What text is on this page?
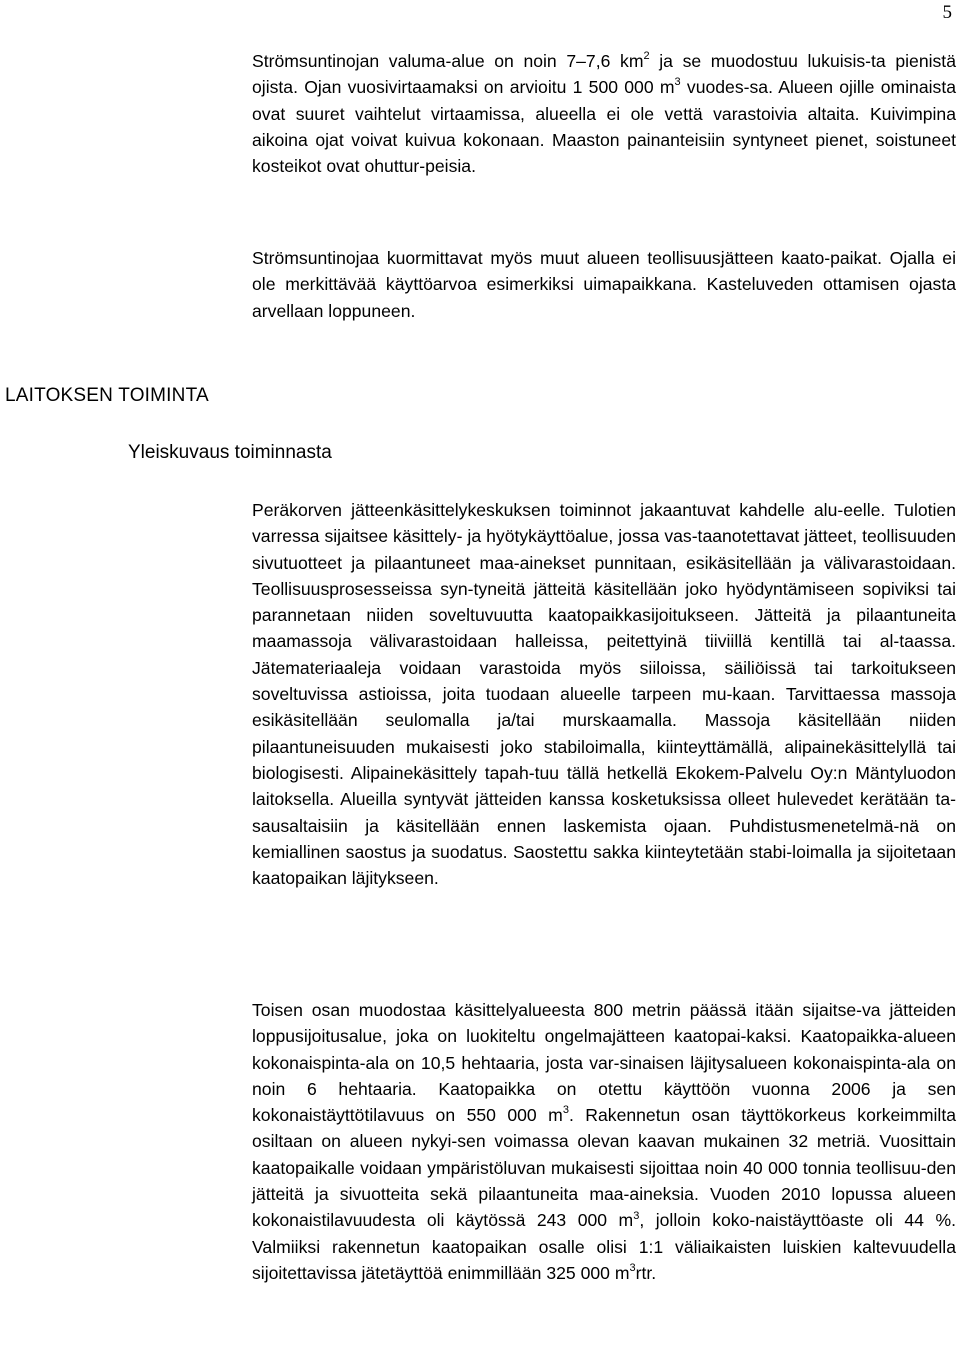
5

Strömsuntinojan valuma-alue on noin 7–7,6 $km^2$ ja se muodostuu lukuisis-ta pienistä ojista. Ojan vuosivirtaamaksi on arvioitu 1 500 000 $m^3$ vuodes-sa. Alueen ojille ominaista ovat suuret vaihtelut virtaamissa, alueella ei ole vettä varastoivia altaita. Kuivimpina aikoina ojat voivat kuivua kokonaan. Maaston painanteisiin syntyneet pienet, soistuneet kosteikot ovat ohuttur-peisia.

Strömsuntinojaa kuormittavat myös muut alueen teollisuusjätteen kaato-paikat. Ojalla ei ole merkittävää käyttöarvoa esimerkiksi uimapaikkana. Kasteluveden ottamisen ojasta arvellaan loppuneen.

LAITOKSEN TOIMINTA
Yleiskuvaus toiminnasta

Peräkorven jätteenkäsittelykeskuksen toiminnot jakaantuvat kahdelle alu-eelle. Tulotien varressa sijaitsee käsittely- ja hyötykäyttöalue, jossa vas-taanotettavat jätteet, teollisuuden sivutuotteet ja pilaantuneet maa-ainekset punnitaan, esikäsitellään ja välivarastoidaan. Teollisuusprosesseissa syn-tyneitä jätteitä käsitellään joko hyödyntämiseen sopiviksi tai parannetaan niiden soveltuvuutta kaatopaikkasijoitukseen. Jätteitä ja pilaantuneita maamassoja välivarastoidaan halleissa, peitettyinä tiiviillä kentillä tai al-taassa. Jätemateriaaleja voidaan varastoida myös siiloissa, säiliöissä tai tarkoitukseen soveltuvissa astioissa, joita tuodaan alueelle tarpeen mu-kaan. Tarvittaessa massoja esikäsitellään seulomalla ja/tai murskaamalla. Massoja käsitellään niiden pilaantuneisuuden mukaisesti joko stabiloimalla, kiinteyttämällä, alipainekäsittelyllä tai biologisesti. Alipainekäsittely tapah-tuu tällä hetkellä Ekokem-Palvelu Oy:n Mäntyluodon laitoksella. Alueilla syntyvät jätteiden kanssa kosketuksissa olleet hulevedet kerätään ta-sausaltaisiin ja käsitellään ennen laskemista ojaan. Puhdistusmenetelmä-nä on kemiallinen saostus ja suodatus. Saostettu sakka kiinteytetään stabi-loimalla ja sijoitetaan kaatopaikan läjitykseen.

Toisen osan muodostaa käsittelyalueesta 800 metrin päässä itään sijaitse-va jätteiden loppusijoitusalue, joka on luokiteltu ongelmajätteen kaatopai-kaksi. Kaatopaikka-alueen kokonaispinta-ala on 10,5 hehtaaria, josta var-sinaisen läjitysalueen kokonaispinta-ala on noin 6 hehtaaria. Kaatopaikka on otettu käyttöön vuonna 2006 ja sen kokonaistäyttötilavuus on 550 000 $m^3$. Rakennetun osan täyttökorkeus korkeimmilta osiltaan on alueen nykyi-sen voimassa olevan kaavan mukainen 32 metriä. Vuosittain kaatopaikalle voidaan ympäristöluvan mukaisesti sijoittaa noin 40 000 tonnia teollisuu-den jätteitä ja sivuotteita sekä pilaantuneita maa-aineksia. Vuoden 2010 lopussa alueen kokonaistilavuudesta oli käytössä 243 000 $m^3$, jolloin koko-naistäyttöaste oli 44 %. Valmiiksi rakennetun kaatopaikan osalle olisi 1:1 väliaikaisten luiskien kaltevuudella sijoitettavissa jätetäyttöä enimmillään 325 000 $m^3rtr$.
